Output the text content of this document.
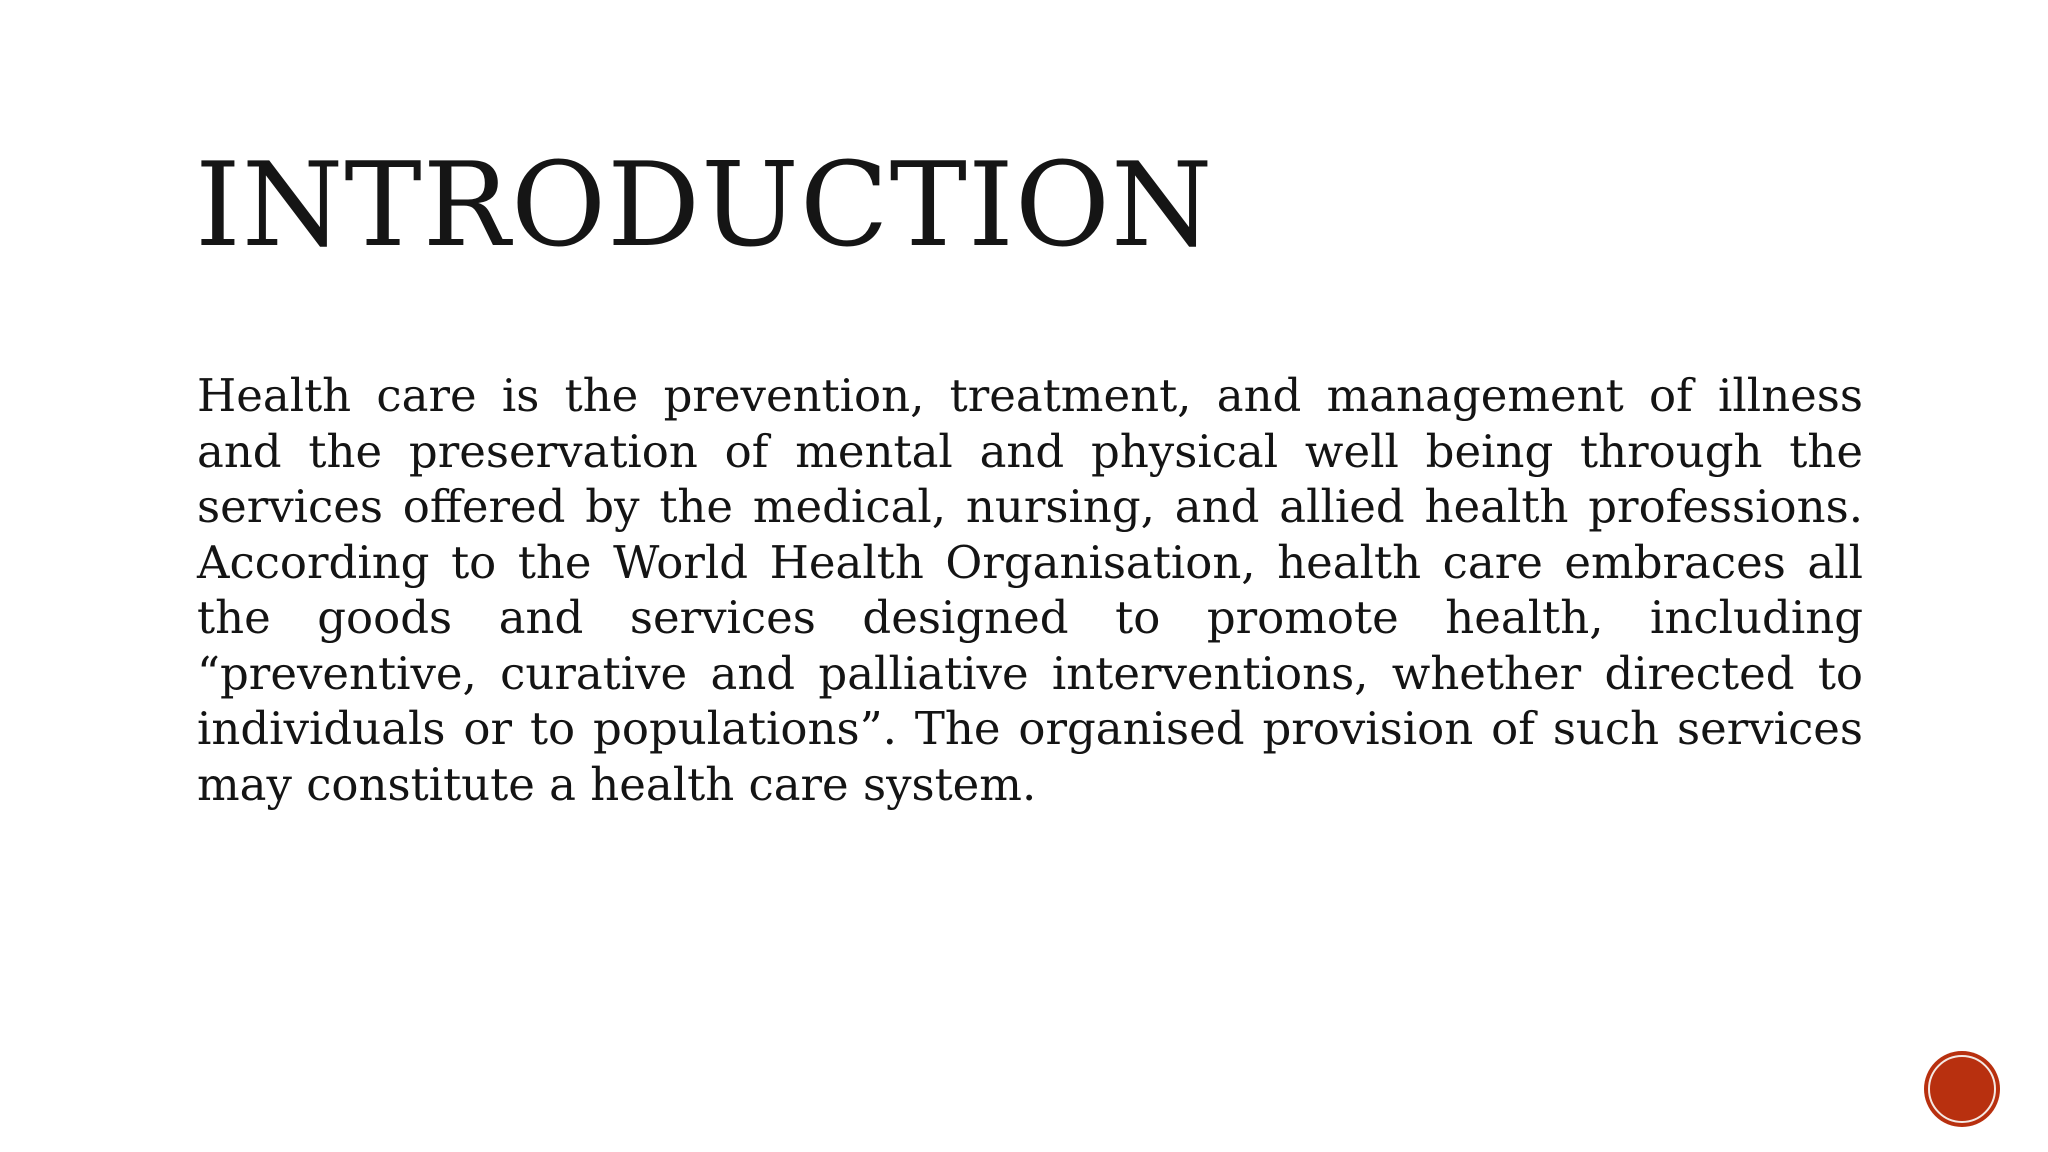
INTRODUCTION

Health care is the prevention, treatment, and management of illness and the preservation of mental and physical well being through the services offered by the medical, nursing, and allied health professions. According to the World Health Organisation, health care embraces all the goods and services designed to promote health, including “preventive, curative and palliative interventions, whether directed to individuals or to populations”. The organised provision of such services may constitute a health care system.
